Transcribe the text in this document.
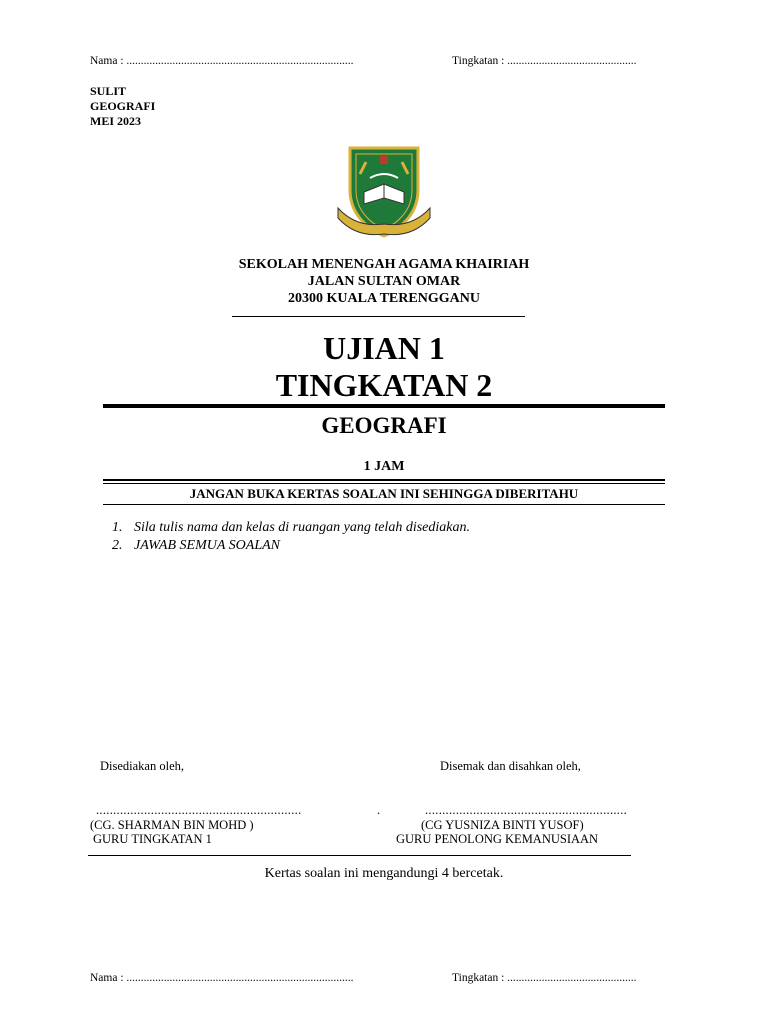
Nama : ...............................................................................	Tingkatan : .............................................
SULIT
GEOGRAFI
MEI 2023
SEKOLAH MENENGAH AGAMA KHAIRIAH
JALAN SULTAN OMAR
20300 KUALA TERENGGANU
UJIAN 1
TINGKATAN 2
GEOGRAFI
1 JAM
JANGAN BUKA KERTAS SOALAN INI SEHINGGA DIBERITAHU
1. Sila tulis nama dan kelas di ruangan yang telah disediakan.
2. JAWAB SEMUA SOALAN
Disediakan oleh,	Disemak dan disahkan oleh,
............................................................	.	...........................................................
(CG. SHARMAN BIN MOHD )	(CG YUSNIZA BINTI YUSOF)
GURU TINGKATAN 1	GURU PENOLONG KEMANUSIAAN
Kertas soalan ini mengandungi 4 bercetak.
Nama : ...............................................................................	Tingkatan : .............................................
